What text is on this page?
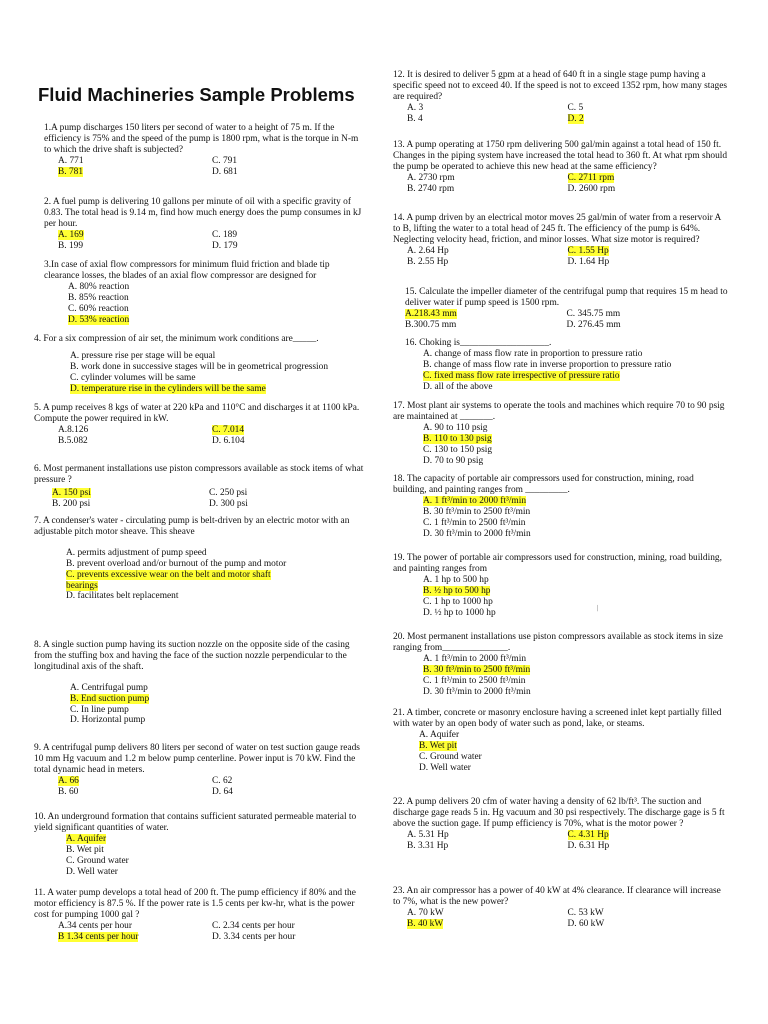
Fluid Machineries Sample Problems
1.A pump discharges 150 liters per second of water to a height of 75 m. If the efficiency is 75% and the speed of the pump is 1800 rpm, what is the torque in N-m to which the drive shaft is subjected?
A. 771
B. 781
C. 791
D. 681
2. A fuel pump is delivering 10 gallons per minute of oil with a specific gravity of 0.83. The total head is 9.14 m, find how much energy does the pump consumes in kJ per hour.
A. 169
B. 199
C. 189
D. 179
3.In case of axial flow compressors for minimum fluid friction and blade tip clearance losses, the blades of an axial flow compressor are designed for
A. 80% reaction
B. 85% reaction
C. 60% reaction
D. 53% reaction
4. For a six compression of air set, the minimum work conditions are_____.
A. pressure rise per stage will be equal
B. work done in successive stages will be in geometrical progression
C. cylinder volumes will be same
D. temperature rise in the cylinders will be the same
5. A pump receives 8 kgs of water at 220 kPa and 110°C and discharges it at 1100 kPa. Compute the power required in kW.
A.8.126
B.5.082
C. 7.014
D. 6.104
6. Most permanent installations use piston compressors available as stock items of what pressure ?
A. 150 psi
B. 200 psi
C. 250 psi
D. 300 psi
7. A condenser's water - circulating pump is belt-driven by an electric motor with an adjustable pitch motor sheave. This sheave
A. permits adjustment of pump speed
B. prevent overload and/or burnout of the pump and motor
C. prevents excessive wear on the belt and motor shaft bearings
D. facilitates belt replacement
8. A single suction pump having its suction nozzle on the opposite side of the casing from the stuffing box and having the face of the suction nozzle perpendicular to the longitudinal axis of the shaft.
A. Centrifugal pump
B. End suction pump
C. In line pump
D. Horizontal pump
9. A centrifugal pump delivers 80 liters per second of water on test suction gauge reads 10 mm Hg vacuum and 1.2 m below pump centerline. Power input is 70 kW. Find the total dynamic head in meters.
A. 66
B. 60
C. 62
D. 64
10. An underground formation that contains sufficient saturated permeable material to yield significant quantities of water.
A. Aquifer
B. Wet pit
C. Ground water
D. Well water
11. A water pump develops a total head of 200 ft. The pump efficiency if 80% and the motor efficiency is 87.5 %. If the power rate is 1.5 cents per kw-hr, what is the power cost for pumping 1000 gal ?
A.34 cents per hour
B 1.34 cents per hour
C. 2.34 cents per hour
D. 3.34 cents per hour
12. It is desired to deliver 5 gpm at a head of 640 ft in a single stage pump having a specific speed not to exceed 40. If the speed is not to exceed 1352 rpm, how many stages are required?
A. 3
B. 4
C. 5
D. 2
13. A pump operating at 1750 rpm delivering 500 gal/min against a total head of 150 ft. Changes in the piping system have increased the total head to 360 ft. At what rpm should the pump be operated to achieve this new head at the same efficiency?
A. 2730 rpm
B. 2740 rpm
C. 2711 rpm
D. 2600 rpm
14. A pump driven by an electrical motor moves 25 gal/min of water from a reservoir A to B, lifting the water to a total head of 245 ft. The efficiency of the pump is 64%. Neglecting velocity head, friction, and minor losses. What size motor is required?
A. 2.64 Hp
B. 2.55 Hp
C. 1.55 Hp
D. 1.64 Hp
15. Calculate the impeller diameter of the centrifugal pump that requires 15 m head to deliver water if pump speed is 1500 rpm.
A.218.43 mm
B.300.75 mm
C. 345.75 mm
D. 276.45 mm
16. Choking is___________________.
A. change of mass flow rate in proportion to pressure ratio
B. change of mass flow rate in inverse proportion to pressure ratio
C. fixed mass flow rate irrespective of pressure ratio
D. all of the above
17. Most plant air systems to operate the tools and machines which require 70 to 90 psig are maintained at _______.
A. 90 to 110 psig
B. 110 to 130 psig
C. 130 to 150 psig
D. 70 to 90 psig
18. The capacity of portable air compressors used for construction, mining, road building, and painting ranges from _________.
A. 1 ft³/min to 2000 ft³/min
B. 30 ft³/min to 2500 ft³/min
C. 1 ft³/min to 2500 ft³/min
D. 30 ft³/min to 2000 ft³/min
19. The power of portable air compressors used for construction, mining, road building, and painting ranges from
A. 1 hp to 500 hp
B. ½ hp to 500 hp
C. 1 hp to 1000 hp
D. ½ hp to 1000 hp
20. Most permanent installations use piston compressors available as stock items in size ranging from______________.
A. 1 ft³/min to 2000 ft³/min
B. 30 ft³/min to 2500 ft³/min
C. 1 ft³/min to 2500 ft³/min
D. 30 ft³/min to 2000 ft³/min
21. A timber, concrete or masonry enclosure having a screened inlet kept partially filled with water by an open body of water such as pond, lake, or steams.
A. Aquifer
B. Wet pit
C. Ground water
D. Well water
22. A pump delivers 20 cfm of water having a density of 62 lb/ft³. The suction and discharge gage reads 5 in. Hg vacuum and 30 psi respectively. The discharge gage is 5 ft above the suction gage. If pump efficiency is 70%, what is the motor power ?
A. 5.31 Hp
B. 3.31 Hp
C. 4.31 Hp
D. 6.31 Hp
23. An air compressor has a power of 40 kW at 4% clearance. If clearance will increase to 7%, what is the new power?
A. 70 kW
B. 40 kW
C. 53 kW
D. 60 kW
/
